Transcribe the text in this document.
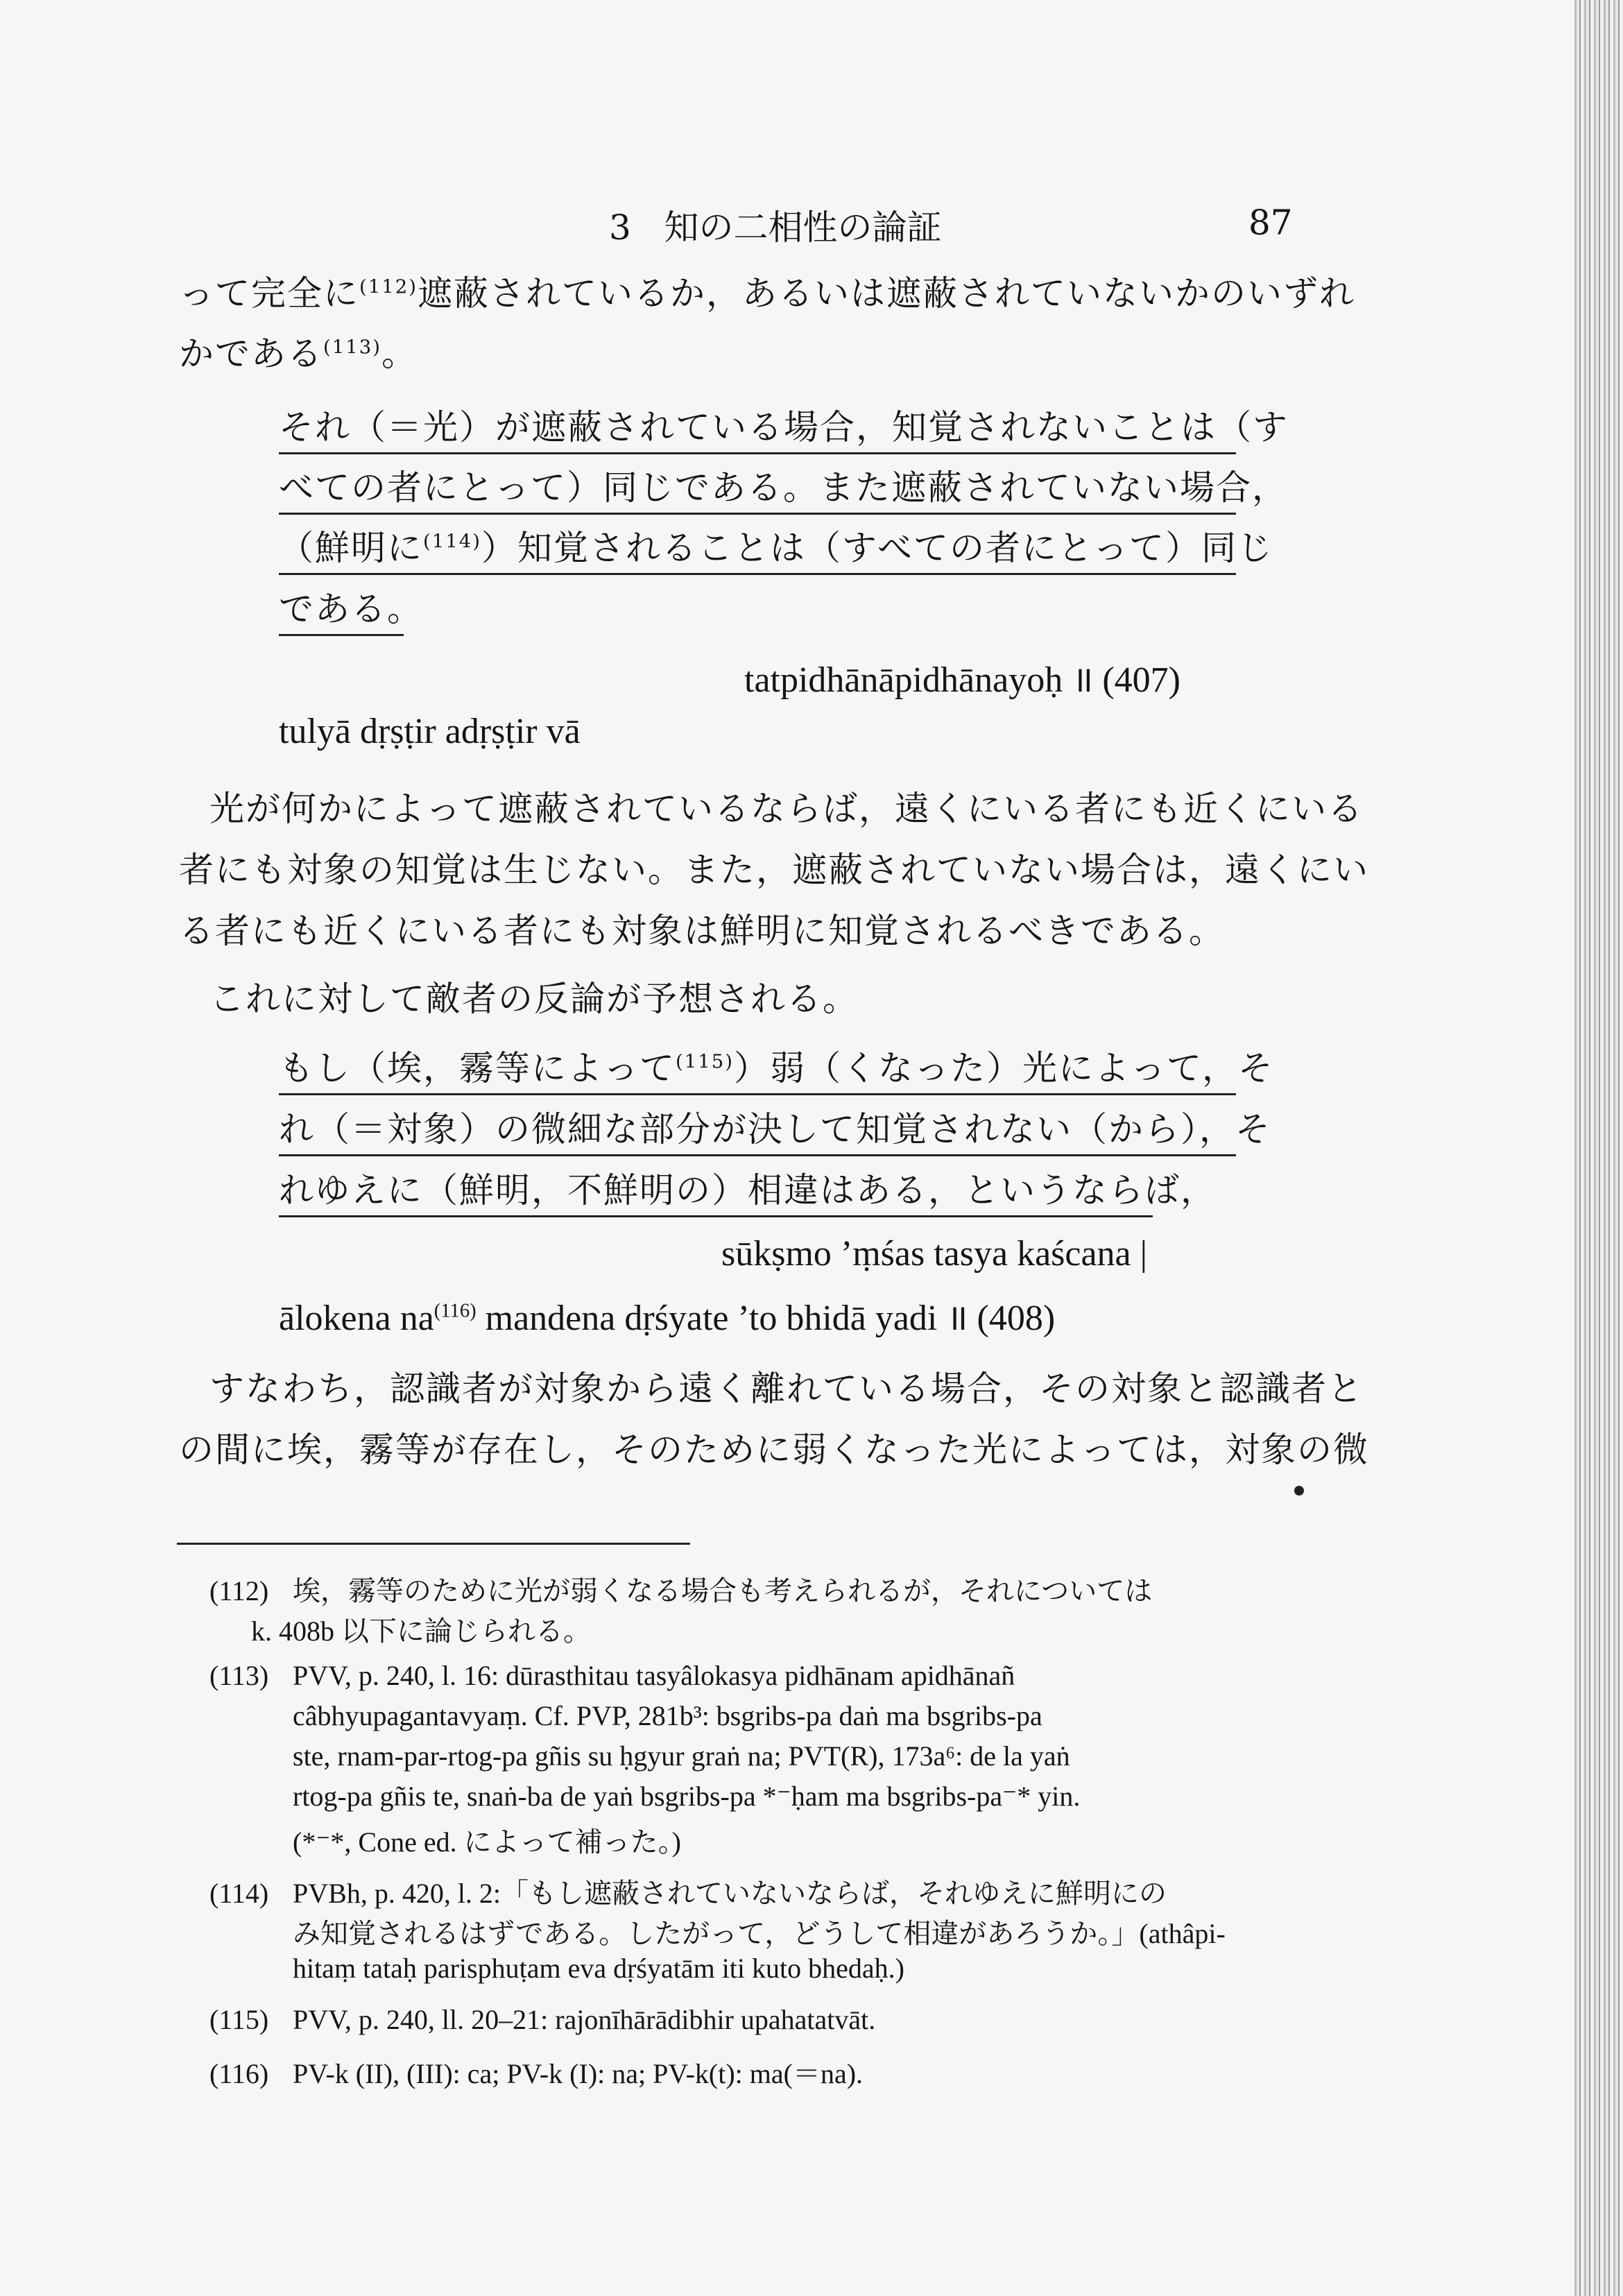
3 知の二相性の論証	87
って完全に$^{(112)}$遮蔽されているか，あるいは遮蔽されていないかのいずれ
かである$^{(113)}$。
それ（＝光）が遮蔽されている場合，知覚されないことは（す
べての者にとって）同じである。また遮蔽されていない場合，
（鮮明に$^{(114)}$）知覚されることは（すべての者にとって）同じ
である。
tatpidhānāpidhānayoḥ ॥ (407)
tulyā dṛṣṭir adṛṣṭir vā
光が何かによって遮蔽されているならば，遠くにいる者にも近くにいる
者にも対象の知覚は生じない。また，遮蔽されていない場合は，遠くにい
る者にも近くにいる者にも対象は鮮明に知覚されるべきである。
これに対して敵者の反論が予想される。
もし（埃，霧等によって$^{(115)}$）弱（くなった）光によって，そ
れ（＝対象）の微細な部分が決して知覚されない（から），そ
れゆえに（鮮明，不鮮明の）相違はある，というならば，
sūkṣmo ’ṃśas tasya kaścana |
ālokena $na^{(116)}$ mandena dṛśyate ’to bhidā yadi ॥ (408)
すなわち，認識者が対象から遠く離れている場合，その対象と認識者と
の間に埃，霧等が存在し，そのために弱くなった光によっては，対象の微
(112) 埃，霧等のために光が弱くなる場合も考えられるが，それについては
k. 408b 以下に論じられる。
(113) PVV, p. 240, l. 16: dūrasthitau tasyâlokasya pidhānam apidhānañ
câbhyupagantavyaṃ. Cf. PVP, 281b³: bsgribs-pa daṅ ma bsgribs-pa
ste, rnam-par-rtog-pa gñis su ḥgyur graṅ na; PVT(R), 173a⁶: de la yaṅ
rtog-pa gñis te, snaṅ-ba de yaṅ bsgribs-pa *⁻ḥam ma bsgribs-pa⁻* yin.
(*⁻*, Cone ed. によって補った。)
(114) PVBh, p. 420, l. 2:「もし遮蔽されていないならば，それゆえに鮮明にの
み知覚されるはずである。したがって，どうして相違があろうか。」(athâpi-
hitaṃ tataḥ parisphuṭam eva dṛśyatām iti kuto bhedaḥ.)
(115) PVV, p. 240, ll. 20–21: rajonīhārādibhir upahatatvāt.
(116) PV-k (II), (III): ca; PV-k (I): na; PV-k(t): ma(＝na).
